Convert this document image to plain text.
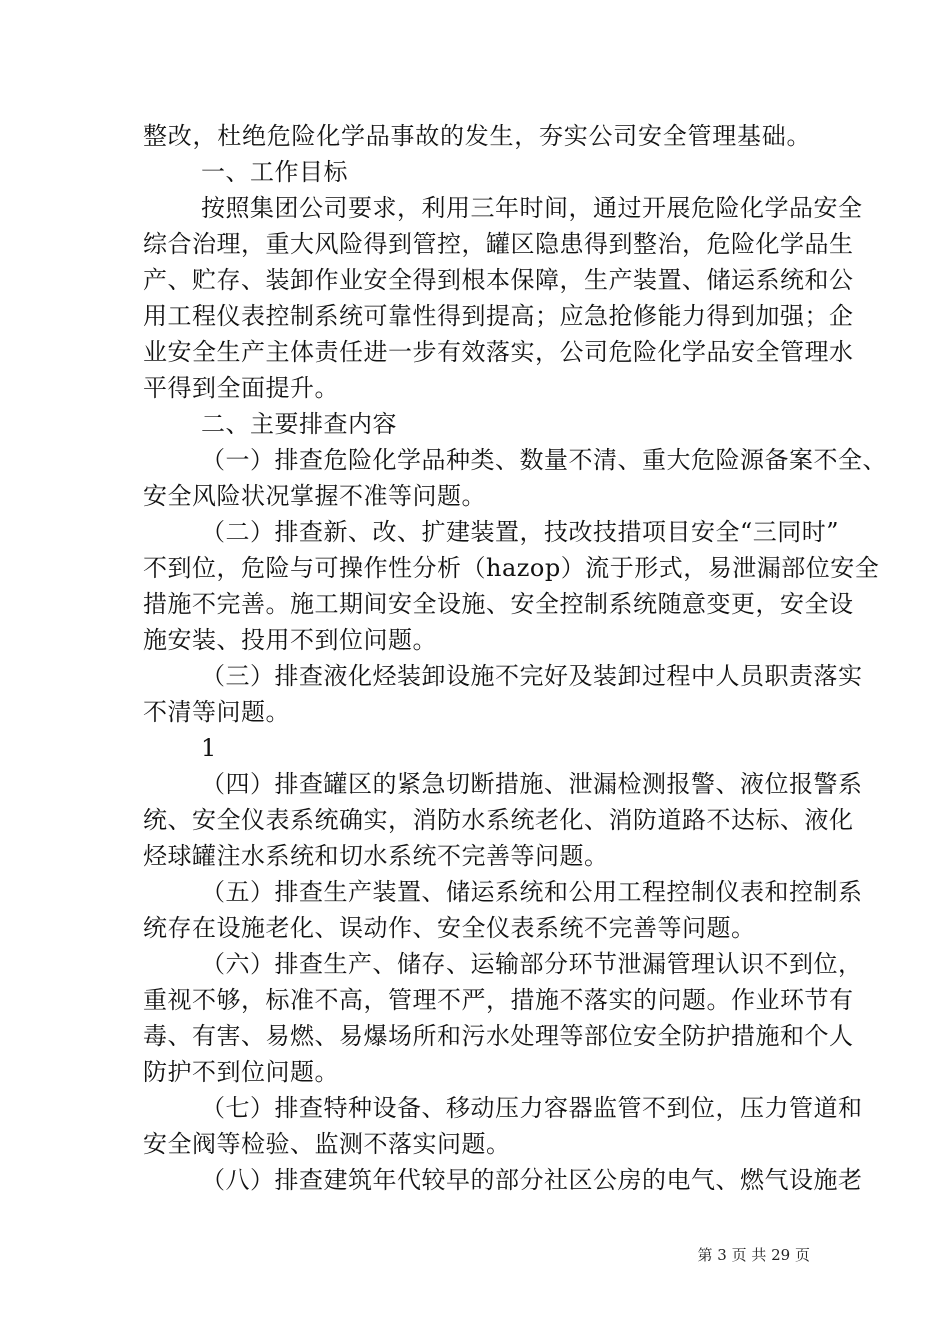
整改，杜绝危险化学品事故的发生，夯实公司安全管理基础。
一、工作目标
按照集团公司要求，利用三年时间，通过开展危险化学品安全
综合治理，重大风险得到管控，罐区隐患得到整治，危险化学品生
产、贮存、装卸作业安全得到根本保障，生产装置、储运系统和公
用工程仪表控制系统可靠性得到提高；应急抢修能力得到加强；企
业安全生产主体责任进一步有效落实，公司危险化学品安全管理水
平得到全面提升。
二、主要排查内容
（一）排查危险化学品种类、数量不清、重大危险源备案不全、
安全风险状况掌握不准等问题。
（二）排查新、改、扩建装置，技改技措项目安全“三同时”
不到位，危险与可操作性分析（hazop）流于形式，易泄漏部位安全
措施不完善。施工期间安全设施、安全控制系统随意变更，安全设
施安装、投用不到位问题。
（三）排查液化烃装卸设施不完好及装卸过程中人员职责落实
不清等问题。
1
（四）排查罐区的紧急切断措施、泄漏检测报警、液位报警系
统、安全仪表系统确实，消防水系统老化、消防道路不达标、液化
烃球罐注水系统和切水系统不完善等问题。
（五）排查生产装置、储运系统和公用工程控制仪表和控制系
统存在设施老化、误动作、安全仪表系统不完善等问题。
（六）排查生产、储存、运输部分环节泄漏管理认识不到位，
重视不够，标准不高，管理不严，措施不落实的问题。作业环节有
毒、有害、易燃、易爆场所和污水处理等部位安全防护措施和个人
防护不到位问题。
（七）排查特种设备、移动压力容器监管不到位，压力管道和
安全阀等检验、监测不落实问题。
（八）排查建筑年代较早的部分社区公房的电气、燃气设施老
第 3 页 共 29 页
